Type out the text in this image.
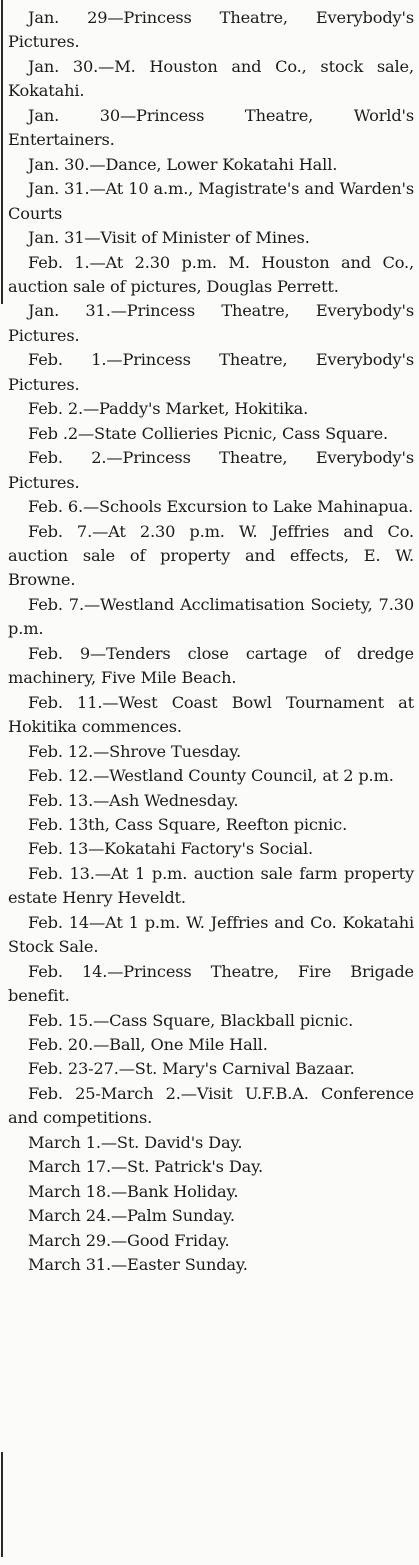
Jan. 29—Princess Theatre, Everybody's Pictures.

Jan. 30.—M. Houston and Co., stock sale, Kokatahi.

Jan. 30—Princess Theatre, World's Entertainers.

Jan. 30.—Dance, Lower Kokatahi Hall.

Jan. 31.—At 10 a.m., Magistrate's and Warden's Courts

Jan. 31—Visit of Minister of Mines.

Feb. 1.—At 2.30 p.m. M. Houston and Co., auction sale of pictures, Douglas Perrett.

Jan. 31.—Princess Theatre, Everybody's Pictures.

Feb. 1.—Princess Theatre, Everybody's Pictures.

Feb. 2.—Paddy's Market, Hokitika.

Feb .2—State Collieries Picnic, Cass Square.

Feb. 2.—Princess Theatre, Everybody's Pictures.

Feb. 6.—Schools Excursion to Lake Mahinapua.

Feb. 7.—At 2.30 p.m. W. Jeffries and Co. auction sale of property and effects, E. W. Browne.

Feb. 7.—Westland Acclimatisation Society, 7.30 p.m.

Feb. 9—Tenders close cartage of dredge machinery, Five Mile Beach.

Feb. 11.—West Coast Bowl Tournament at Hokitika commences.

Feb. 12.—Shrove Tuesday.

Feb. 12.—Westland County Council, at 2 p.m.

Feb. 13.—Ash Wednesday.

Feb. 13th, Cass Square, Reefton picnic.

Feb. 13—Kokatahi Factory's Social.

Feb. 13.—At 1 p.m. auction sale farm property estate Henry Heveldt.

Feb. 14—At 1 p.m. W. Jeffries and Co. Kokatahi Stock Sale.

Feb. 14.—Princess Theatre, Fire Brigade benefit.

Feb. 15.—Cass Square, Blackball picnic.

Feb. 20.—Ball, One Mile Hall.

Feb. 23-27.—St. Mary's Carnival Bazaar.

Feb. 25-March 2.—Visit U.F.B.A. Conference and competitions.

March 1.—St. David's Day.

March 17.—St. Patrick's Day.

March 18.—Bank Holiday.

March 24.—Palm Sunday.

March 29.—Good Friday.

March 31.—Easter Sunday.
